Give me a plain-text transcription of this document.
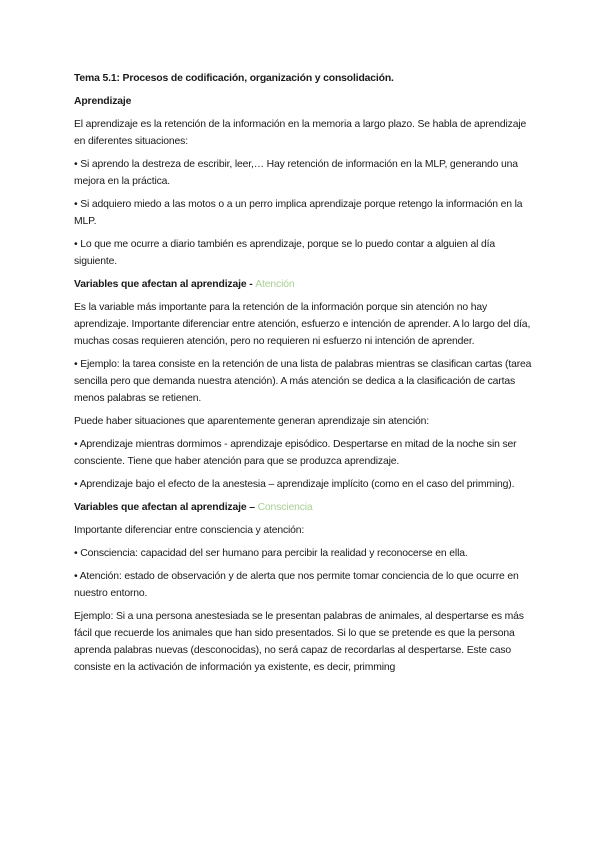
Tema 5.1: Procesos de codificación, organización y consolidación.

Aprendizaje

El aprendizaje es la retención de la información en la memoria a largo plazo. Se habla de aprendizaje en diferentes situaciones:

• Si aprendo la destreza de escribir, leer,… Hay retención de información en la MLP, generando una mejora en la práctica.

• Si adquiero miedo a las motos o a un perro implica aprendizaje porque retengo la información en la MLP.

• Lo que me ocurre a diario también es aprendizaje, porque se lo puedo contar a alguien al día siguiente.

Variables que afectan al aprendizaje - Atención

Es la variable más importante para la retención de la información porque sin atención no hay aprendizaje. Importante diferenciar entre atención, esfuerzo e intención de aprender. A lo largo del día, muchas cosas requieren atención, pero no requieren ni esfuerzo ni intención de aprender.

• Ejemplo: la tarea consiste en la retención de una lista de palabras mientras se clasifican cartas (tarea sencilla pero que demanda nuestra atención). A más atención se dedica a la clasificación de cartas menos palabras se retienen.

Puede haber situaciones que aparentemente generan aprendizaje sin atención:

• Aprendizaje mientras dormimos - aprendizaje episódico. Despertarse en mitad de la noche sin ser consciente. Tiene que haber atención para que se produzca aprendizaje.

• Aprendizaje bajo el efecto de la anestesia – aprendizaje implícito (como en el caso del primming).

Variables que afectan al aprendizaje – Consciencia

Importante diferenciar entre consciencia y atención:

• Consciencia: capacidad del ser humano para percibir la realidad y reconocerse en ella.

• Atención: estado de observación y de alerta que nos permite tomar conciencia de lo que ocurre en nuestro entorno.

Ejemplo: Si a una persona anestesiada se le presentan palabras de animales, al despertarse es más fácil que recuerde los animales que han sido presentados. Si lo que se pretende es que la persona aprenda palabras nuevas (desconocidas), no será capaz de recordarlas al despertarse. Este caso consiste en la activación de información ya existente, es decir, primming
